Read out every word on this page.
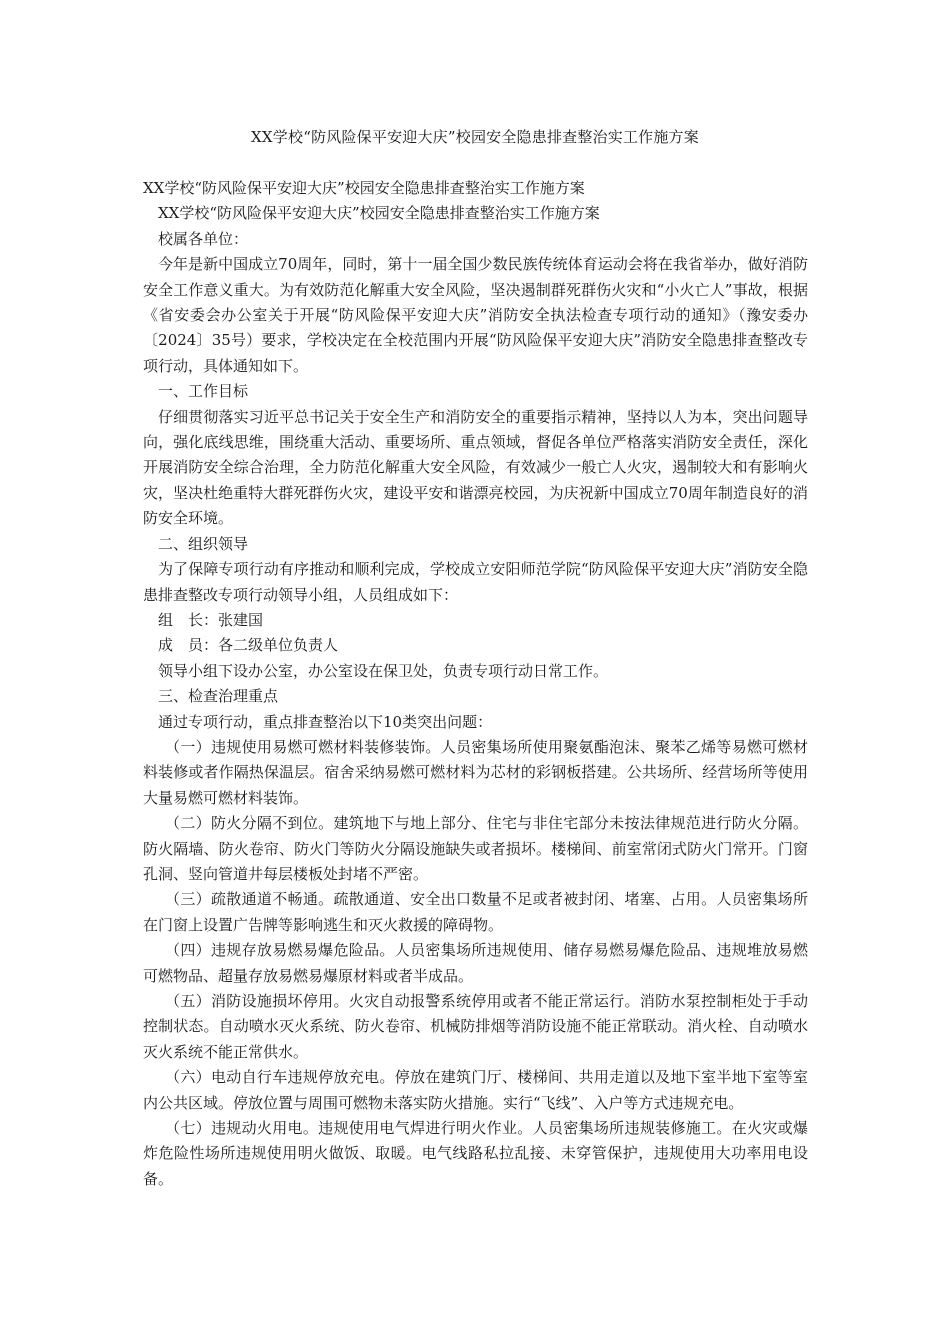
XX学校“防风险保平安迎大庆”校园安全隐患排查整治实工作施方案

XX学校“防风险保平安迎大庆”校园安全隐患排查整治实工作施方案

XX学校“防风险保平安迎大庆”校园安全隐患排查整治实工作施方案

校属各单位：

今年是新中国成立70周年，同时，第十一届全国少数民族传统体育运动会将在我省举办，做好消防安全工作意义重大。为有效防范化解重大安全风险，坚决遏制群死群伤火灾和“小火亡人”事故，根据《省安委会办公室关于开展“防风险保平安迎大庆”消防安全执法检查专项行动的通知》（豫安委办〔2024〕35号）要求，学校决定在全校范围内开展“防风险保平安迎大庆”消防安全隐患排查整改专项行动，具体通知如下。

一、工作目标

仔细贯彻落实习近平总书记关于安全生产和消防安全的重要指示精神，坚持以人为本，突出问题导向，强化底线思维，围绕重大活动、重要场所、重点领域，督促各单位严格落实消防安全责任，深化开展消防安全综合治理，全力防范化解重大安全风险，有效减少一般亡人火灾，遏制较大和有影响火灾，坚决杜绝重特大群死群伤火灾，建设平安和谐漂亮校园，为庆祝新中国成立70周年制造良好的消防安全环境。

二、组织领导

为了保障专项行动有序推动和顺利完成，学校成立安阳师范学院“防风险保平安迎大庆”消防安全隐患排查整改专项行动领导小组，人员组成如下：

组　长：张建国

成　员：各二级单位负责人

领导小组下设办公室，办公室设在保卫处，负责专项行动日常工作。

三、检查治理重点

通过专项行动，重点排查整治以下10类突出问题：

（一）违规使用易燃可燃材料装修装饰。人员密集场所使用聚氨酯泡沫、聚苯乙烯等易燃可燃材料装修或者作隔热保温层。宿舍采纳易燃可燃材料为芯材的彩钢板搭建。公共场所、经营场所等使用大量易燃可燃材料装饰。

（二）防火分隔不到位。建筑地下与地上部分、住宅与非住宅部分未按法律规范进行防火分隔。防火隔墙、防火卷帘、防火门等防火分隔设施缺失或者损坏。楼梯间、前室常闭式防火门常开。门窗孔洞、竖向管道井每层楼板处封堵不严密。

（三）疏散通道不畅通。疏散通道、安全出口数量不足或者被封闭、堵塞、占用。人员密集场所在门窗上设置广告牌等影响逃生和灭火救援的障碍物。

（四）违规存放易燃易爆危险品。人员密集场所违规使用、储存易燃易爆危险品、违规堆放易燃可燃物品、超量存放易燃易爆原材料或者半成品。

（五）消防设施损坏停用。火灾自动报警系统停用或者不能正常运行。消防水泵控制柜处于手动控制状态。自动喷水灭火系统、防火卷帘、机械防排烟等消防设施不能正常联动。消火栓、自动喷水灭火系统不能正常供水。

（六）电动自行车违规停放充电。停放在建筑门厅、楼梯间、共用走道以及地下室半地下室等室内公共区域。停放位置与周围可燃物未落实防火措施。实行“飞线”、入户等方式违规充电。

（七）违规动火用电。违规使用电气焊进行明火作业。人员密集场所违规装修施工。在火灾或爆炸危险性场所违规使用明火做饭、取暖。电气线路私拉乱接、未穿管保护，违规使用大功率用电设备。
